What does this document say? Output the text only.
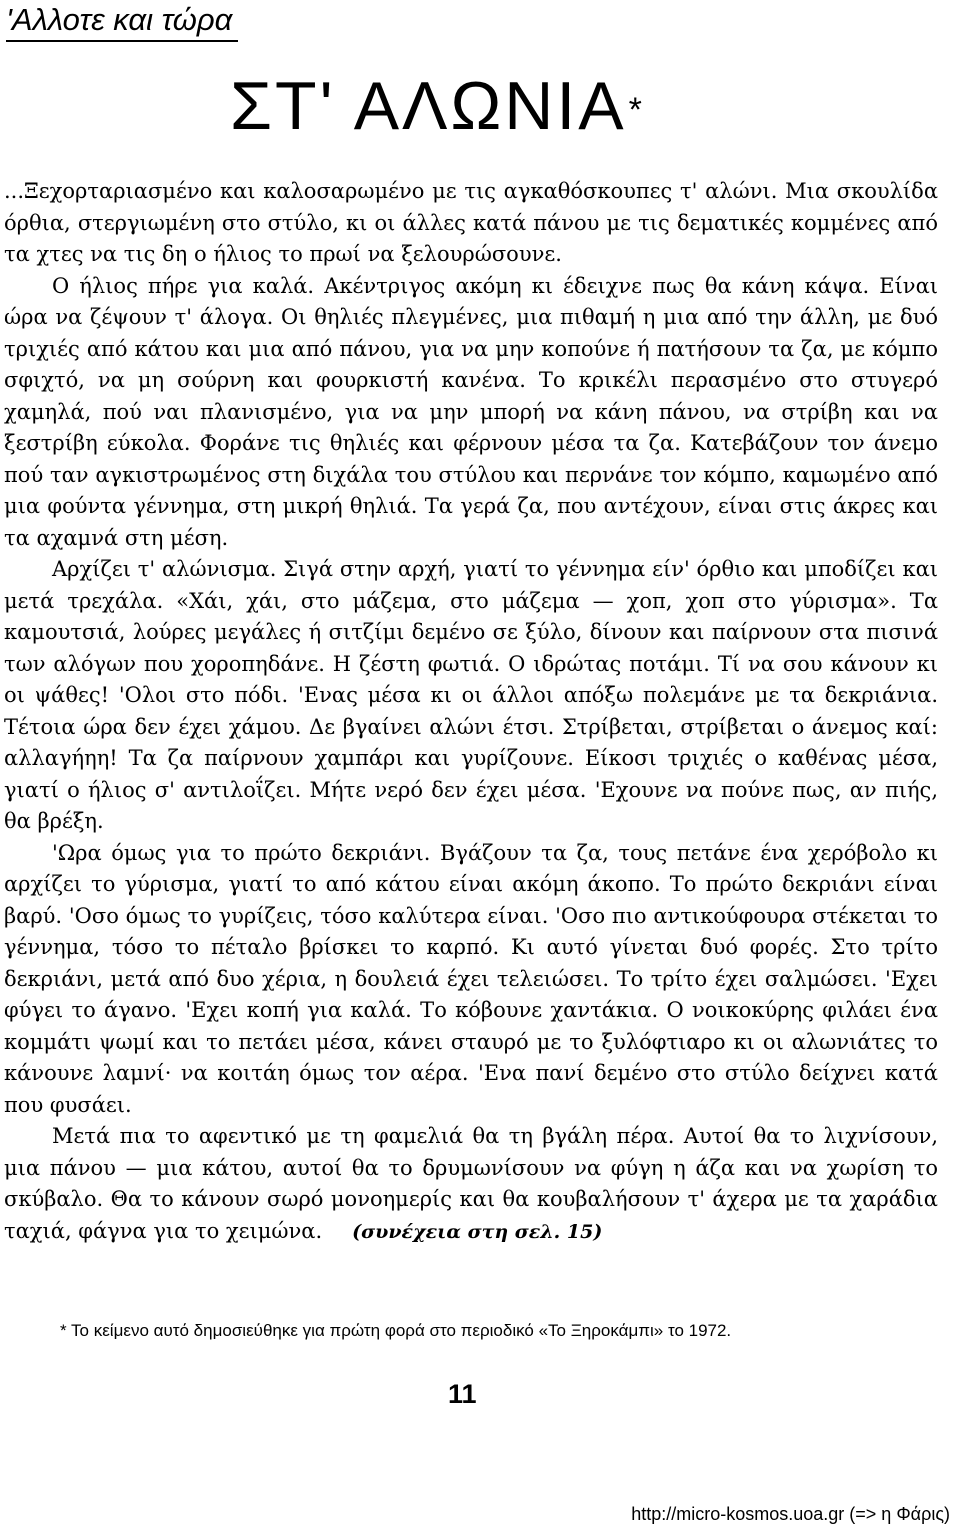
'Αλλοτε και τώρα
ΣΤ' ΑΛΩΝΙΑ*

...Ξεχορταριασμένο και καλοσαρωμένο με τις αγκαθόσκουπες τ' αλώνι. Μια σκουλίδα όρθια, στεργιωμένη στο στύλο, κι οι άλλες κατά πάνου με τις δεματικές κομμένες από τα χτες να τις δη ο ήλιος το πρωί να ξελουρώσουνε.

Ο ήλιος πήρε για καλά. Ακέντριγος ακόμη κι έδειχνε πως θα κάνη κάψα. Είναι ώρα να ζέψουν τ' άλογα. Οι θηλιές πλεγμένες, μια πιθαμή η μια από την άλλη, με δυό τριχιές από κάτου και μια από πάνου, για να μην κοπούνε ή πατήσουν τα ζα, με κόμπο σφιχτό, να μη σούρνη και φουρκιστή κανένα. Το κρικέλι περασμένο στο στυγερό χαμηλά, πού ναι πλανισμένο, για να μην μπορή να κάνη πάνου, να στρίβη και να ξεστρίβη εύκολα. Φοράνε τις θηλιές και φέρνουν μέσα τα ζα. Κατεβάζουν τον άνεμο πού ταν αγκιστρωμένος στη διχάλα του στύλου και περνάνε τον κόμπο, καμωμένο από μια φούντα γέννημα, στη μικρή θηλιά. Τα γερά ζα, που αντέχουν, είναι στις άκρες και τα αχαμνά στη μέση.

Αρχίζει τ' αλώνισμα. Σιγά στην αρχή, γιατί το γέννημα είν' όρθιο και μποδίζει και μετά τρεχάλα. «Χάι, χάι, στο μάζεμα, στο μάζεμα — χοπ, χοπ στο γύρισμα». Τα καμουτσιά, λούρες μεγάλες ή σιτζίμι δεμένο σε ξύλο, δίνουν και παίρνουν στα πισινά των αλόγων που χοροπηδάνε. Η ζέστη φωτιά. Ο ιδρώτας ποτάμι. Τί να σου κάνουν κι οι ψάθες! 'Ολοι στο πόδι. 'Ενας μέσα κι οι άλλοι απόξω πολεμάνε με τα δεκριάνια. Τέτοια ώρα δεν έχει χάμου. Δε βγαίνει αλώνι έτσι. Στρίβεται, στρίβεται ο άνεμος καί: αλλαγήηη! Τα ζα παίρνουν χαμπάρι και γυρίζουνε. Είκοσι τριχιές ο καθένας μέσα, γιατί ο ήλιος σ' αντιλοΐζει. Μήτε νερό δεν έχει μέσα. 'Εχουνε να πούνε πως, αν πιής, θα βρέξη.

'Ωρα όμως για το πρώτο δεκριάνι. Βγάζουν τα ζα, τους πετάνε ένα χερόβολο κι αρχίζει το γύρισμα, γιατί το από κάτου είναι ακόμη άκοπο. Το πρώτο δεκριάνι είναι βαρύ. 'Οσο όμως το γυρίζεις, τόσο καλύτερα είναι. 'Οσο πιο αντικούφουρα στέκεται το γέννημα, τόσο το πέταλο βρίσκει το καρπό. Κι αυτό γίνεται δυό φορές. Στο τρίτο δεκριάνι, μετά από δυο χέρια, η δουλειά έχει τελειώσει. Το τρίτο έχει σαλμώσει. 'Εχει φύγει το άγανο. 'Εχει κοπή για καλά. Το κόβουνε χαντάκια. Ο νοικοκύρης φιλάει ένα κομμάτι ψωμί και το πετάει μέσα, κάνει σταυρό με το ξυλόφτιαρο κι οι αλωνιάτες το κάνουνε λαμνί· να κοιτάη όμως τον αέρα. 'Ενα πανί δεμένο στο στύλο δείχνει κατά που φυσάει.

Μετά πια το αφεντικό με τη φαμελιά θα τη βγάλη πέρα. Αυτοί θα το λιχνίσουν, μια πάνου — μια κάτου, αυτοί θα το δρυμωνίσουν να φύγη η άζα και να χωρίση το σκύβαλο. Θα το κάνουν σωρό μονοημερίς και θα κουβαλήσουν τ' άχερα με τα χαράδια ταχιά, φάγνα για το χειμώνα. (συνέχεια στη σελ. 15)

* Το κείμενο αυτό δημοσιεύθηκε για πρώτη φορά στο περιοδικό «Το Ξηροκάμπι» το 1972.
11
http://micro-kosmos.uoa.gr (=> η Φάρις)
